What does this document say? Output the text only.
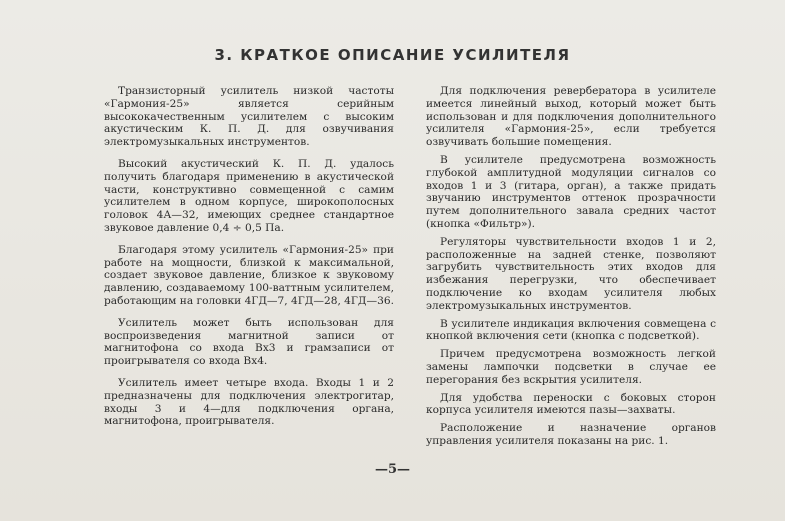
3. КРАТКОЕ ОПИСАНИЕ УСИЛИТЕЛЯ

Транзисторный усилитель низкой частоты «Гармония-25» является серийным высококачественным усилителем с высоким акустическим К. П. Д. для озвучивания электромузыкальных инструментов.

Высокий акустический К. П. Д. удалось получить благодаря применению в акустической части, конструктивно совмещенной с самим усилителем в одном корпусе, широкополосных головок 4А—32, имеющих среднее стандартное звуковое давление 0,4 ÷ 0,5 Па.

Благодаря этому усилитель «Гармония-25» при работе на мощности, близкой к максимальной, создает звуковое давление, близкое к звуковому давлению, создаваемому 100-ваттным усилителем, работающим на головки 4ГД—7, 4ГД—28, 4ГД—36.

Усилитель может быть использован для воспроизведения магнитной записи от магнитофона со входа Вх3 и грамзаписи от проигрывателя со входа Вх4.

Усилитель имеет четыре входа. Входы 1 и 2 предназначены для подключения электрогитар, входы 3 и 4—для подключения органа, магнитофона, проигрывателя.

Для подключения ревербератора в усилителе имеется линейный выход, который может быть использован и для подключения дополнительного усилителя «Гармония-25», если требуется озвучивать большие помещения.

В усилителе предусмотрена возможность глубокой амплитудной модуляции сигналов со входов 1 и 3 (гитара, орган), а также придать звучанию инструментов оттенок прозрачности путем дополнительного завала средних частот (кнопка «Фильтр»).

Регуляторы чувствительности входов 1 и 2, расположенные на задней стенке, позволяют загрубить чувствительность этих входов для избежания перегрузки, что обеспечивает подключение ко входам усилителя любых электромузыкальных инструментов.

В усилителе индикация включения совмещена с кнопкой включения сети (кнопка с подсветкой).

Причем предусмотрена возможность легкой замены лампочки подсветки в случае ее перегорания без вскрытия усилителя.

Для удобства переноски с боковых сторон корпуса усилителя имеются пазы—захваты.

Расположение и назначение органов управления усилителя показаны на рис. 1.

—5—
